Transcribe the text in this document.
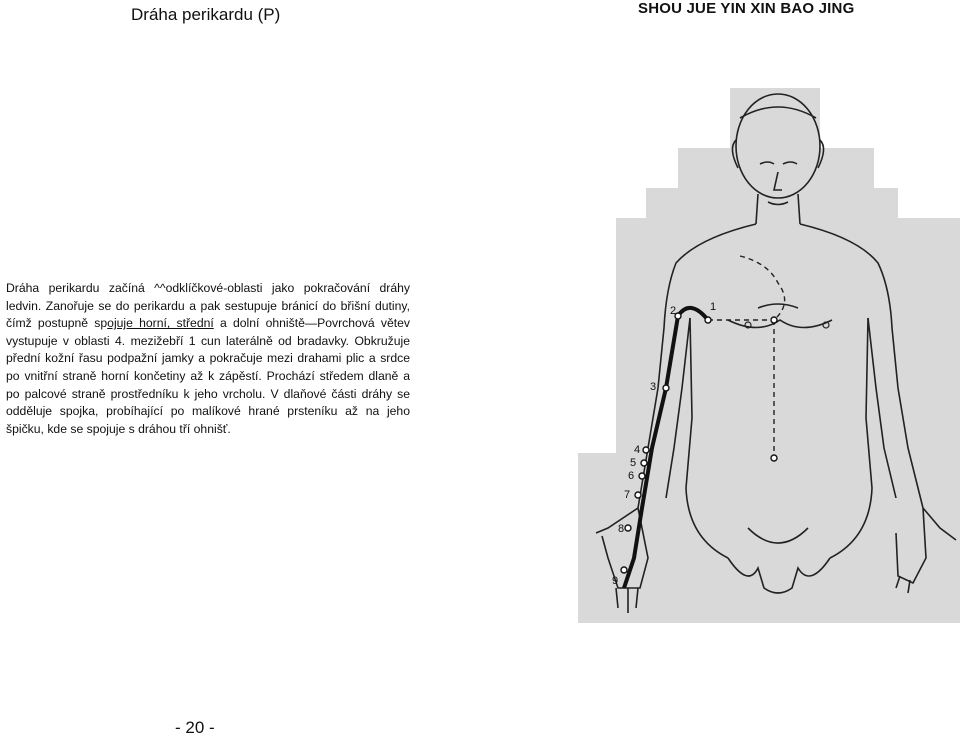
Dráha perikardu (P)	SHOU JUE YIN XIN BAO JING

Dráha perikardu začíná ^^odklíčkové-oblasti jako pokračování dráhy ledvin. Zanořuje se do perikardu a pak sestupuje bránicí do břišní dutiny, čímž postupně spojuje horní, střední a dolní ohniště—Povrchová větev vystupuje v oblasti 4. mezižebří 1 cun laterálně od bradavky. Obkružuje přední kožní řasu podpažní jamky a pokračuje mezi drahami plic a srdce po vnitřní straně horní končetiny až k zápěstí. Prochází středem dlaně a po palcové straně prostředníku k jeho vrcholu. V dlaňové části dráhy se odděluje spojka, probíhající po malíkové hrané prsteníku až na jeho špičku, kde se spojuje s dráhou tří ohnišť.

1
2
3
4
5
6
7
8
9
- 20 -
